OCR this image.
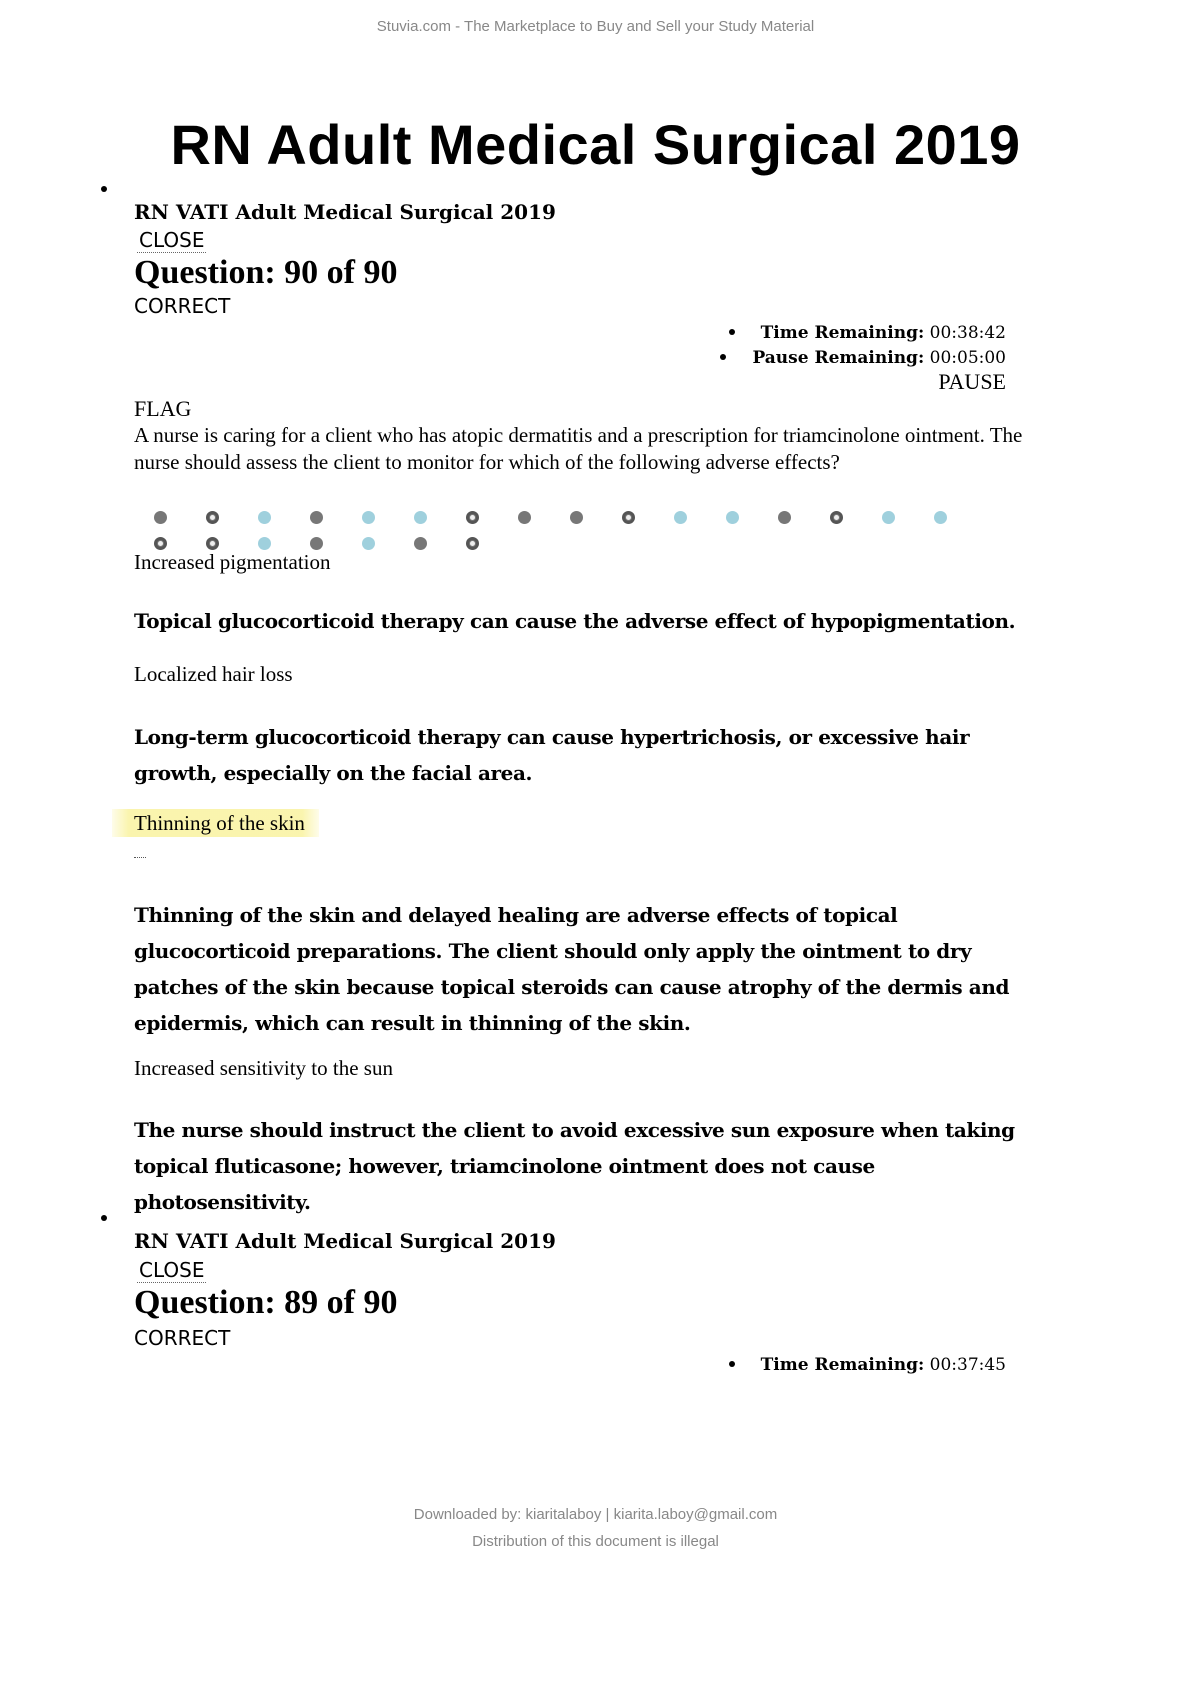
Stuvia.com - The Marketplace to Buy and Sell your Study Material
RN Adult Medical Surgical 2019
RN VATI Adult Medical Surgical 2019
CLOSE
Question: 90 of 90
CORRECT
Time Remaining: 00:38:42
Pause Remaining: 00:05:00
PAUSE
FLAG
A nurse is caring for a client who has atopic dermatitis and a prescription for triamcinolone ointment. The nurse should assess the client to monitor for which of the following adverse effects?
Increased pigmentation
Topical glucocorticoid therapy can cause the adverse effect of hypopigmentation.
Localized hair loss
Long-term glucocorticoid therapy can cause hypertrichosis, or excessive hair growth, especially on the facial area.
Thinning of the skin
Thinning of the skin and delayed healing are adverse effects of topical glucocorticoid preparations. The client should only apply the ointment to dry patches of the skin because topical steroids can cause atrophy of the dermis and epidermis, which can result in thinning of the skin.
Increased sensitivity to the sun
The nurse should instruct the client to avoid excessive sun exposure when taking topical fluticasone; however, triamcinolone ointment does not cause photosensitivity.
RN VATI Adult Medical Surgical 2019
CLOSE
Question: 89 of 90
CORRECT
Time Remaining: 00:37:45
Downloaded by: kiaritalaboy | kiarita.laboy@gmail.com
Distribution of this document is illegal
